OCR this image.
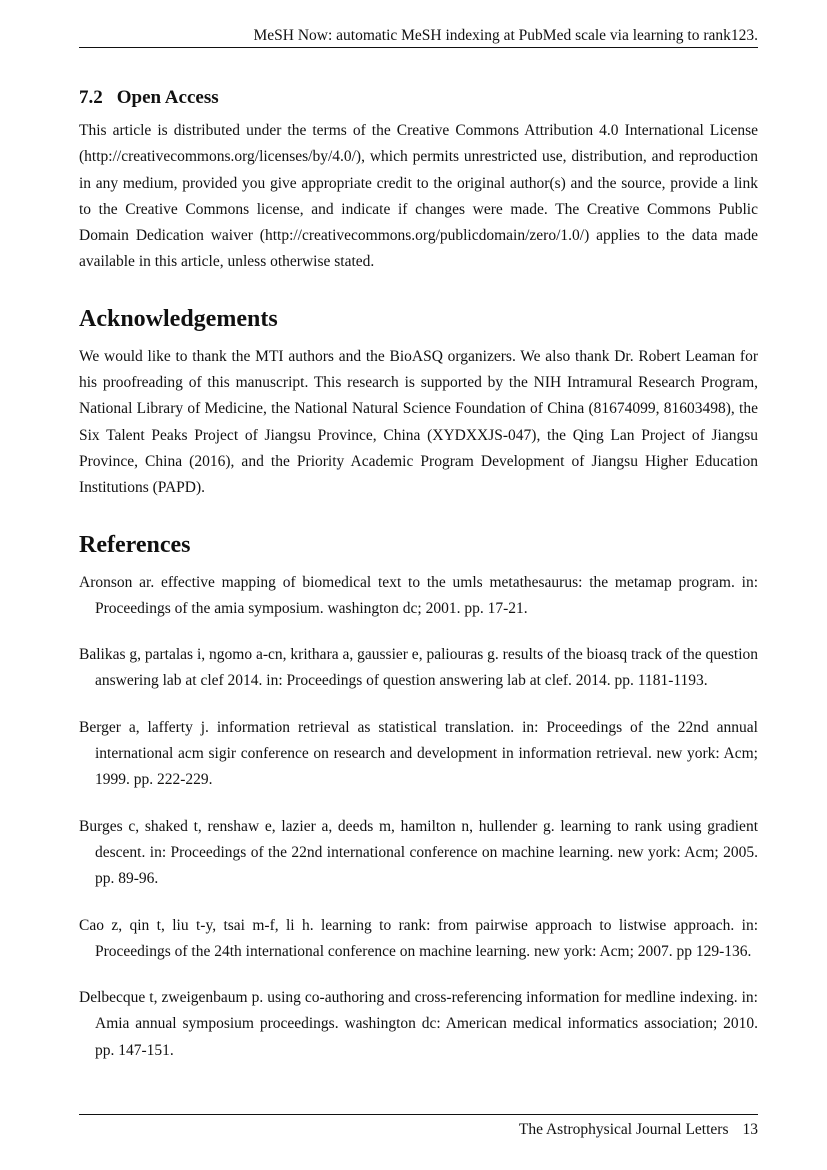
MeSH Now: automatic MeSH indexing at PubMed scale via learning to rank123.
7.2 Open Access

This article is distributed under the terms of the Creative Commons Attribution 4.0 International License (http://creativecommons.org/licenses/by/4.0/), which permits unrestricted use, distribution, and reproduction in any medium, provided you give appropriate credit to the original author(s) and the source, provide a link to the Creative Commons license, and indicate if changes were made. The Creative Commons Public Domain Dedication waiver (http://creativecommons.org/publicdomain/zero/1.0/) applies to the data made available in this article, unless otherwise stated.

Acknowledgements

We would like to thank the MTI authors and the BioASQ organizers. We also thank Dr. Robert Leaman for his proofreading of this manuscript. This research is supported by the NIH Intramural Research Program, National Library of Medicine, the National Natural Science Foundation of China (81674099, 81603498), the Six Talent Peaks Project of Jiangsu Province, China (XYDXXJS-047), the Qing Lan Project of Jiangsu Province, China (2016), and the Priority Academic Program Development of Jiangsu Higher Education Institutions (PAPD).

References

Aronson ar. effective mapping of biomedical text to the umls metathesaurus: the metamap program. in: Proceedings of the amia symposium. washington dc; 2001. pp. 17-21.

Balikas g, partalas i, ngomo a-cn, krithara a, gaussier e, paliouras g. results of the bioasq track of the question answering lab at clef 2014. in: Proceedings of question answering lab at clef. 2014. pp. 1181-1193.

Berger a, lafferty j. information retrieval as statistical translation. in: Proceedings of the 22nd annual international acm sigir conference on research and development in information retrieval. new york: Acm; 1999. pp. 222-229.

Burges c, shaked t, renshaw e, lazier a, deeds m, hamilton n, hullender g. learning to rank using gradient descent. in: Proceedings of the 22nd international conference on machine learning. new york: Acm; 2005. pp. 89-96.

Cao z, qin t, liu t-y, tsai m-f, li h. learning to rank: from pairwise approach to listwise approach. in: Proceedings of the 24th international conference on machine learning. new york: Acm; 2007. pp 129-136.

Delbecque t, zweigenbaum p. using co-authoring and cross-referencing information for medline indexing. in: Amia annual symposium proceedings. washington dc: American medical informatics association; 2010. pp. 147-151.

The Astrophysical Journal Letters 13
